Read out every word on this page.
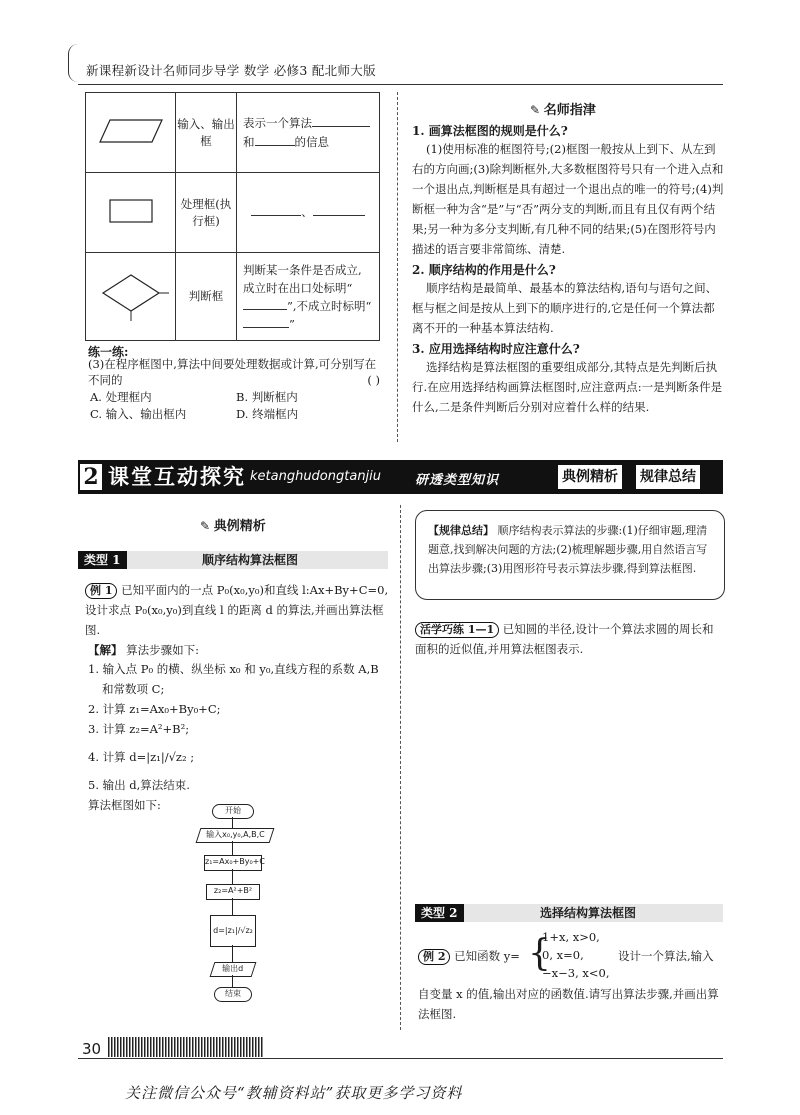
新课程新设计名师同步导学 数学 必修3 配北师大版
	输入、输出框	表示一个算法
和 的信息
	处理框(执行框)	、
	判断框	判断某一条件是否成立,成立时在出口处标明“”,不成立时标明“”
练一练:
(3)在程序框图中,算法中间要处理数据或计算,可分别写在不同的	( )
A. 处理框内	B. 判断框内
C. 输入、输出框内	D. 终端框内
✎ 名师指津
1. 画算法框图的规则是什么?
(1)使用标准的框图符号;(2)框图一般按从上到下、从左到右的方向画;(3)除判断框外,大多数框图符号只有一个进入点和一个退出点,判断框是具有超过一个退出点的唯一的符号;(4)判断框一种为含“是”与“否”两分支的判断,而且有且仅有两个结果;另一种为多分支判断,有几种不同的结果;(5)在图形符号内描述的语言要非常简练、清楚.
2. 顺序结构的作用是什么?
顺序结构是最简单、最基本的算法结构,语句与语句之间、框与框之间是按从上到下的顺序进行的,它是任何一个算法都离不开的一种基本算法结构.
3. 应用选择结构时应注意什么?
选择结构是算法框图的重要组成部分,其特点是先判断后执行.在应用选择结构画算法框图时,应注意两点:一是判断条件是什么,二是条件判断后分别对应着什么样的结果.
2 课堂互动探究 ketanghudongtanjiu	研透类型知识	典例精析 规律总结
✎ 典例精析
类型 1	顺序结构算法框图
例 1 已知平面内的一点 P₀(x₀,y₀)和直线 l:Ax+By+C=0,设计求点 P₀(x₀,y₀)到直线 l 的距离 d 的算法,并画出算法框图.
【解】 算法步骤如下:
1. 输入点 P₀ 的横、纵坐标 x₀ 和 y₀,直线方程的系数 A,B 和常数项 C;
2. 计算 z₁=Ax₀+By₀+C;
3. 计算 z₂=A²+B²;
4. 计算 d=|z₁|/√z₂ ;
5. 输出 d,算法结束.
算法框图如下:	开始
输入x₀,y₀,A,B,C
z₁=Ax₀+By₀+C
z₂=A²+B²
d=|z₁|/√z₂
输出d
结束
【规律总结】 顺序结构表示算法的步骤:(1)仔细审题,理清题意,找到解决问题的方法;(2)梳理解题步骤,用自然语言写出算法步骤;(3)用图形符号表示算法步骤,得到算法框图.
活学巧练 1—1 已知圆的半径,设计一个算法求圆的周长和面积的近似值,并用算法框图表示.
类型 2	选择结构算法框图
例 2 已知函数 y= {
1+x, x>0,
0, x=0,
−x−3, x<0,
设计一个算法,输入
自变量 x 的值,输出对应的函数值.请写出算法步骤,并画出算法框图.
30
关注微信公众号“教辅资料站”获取更多学习资料
